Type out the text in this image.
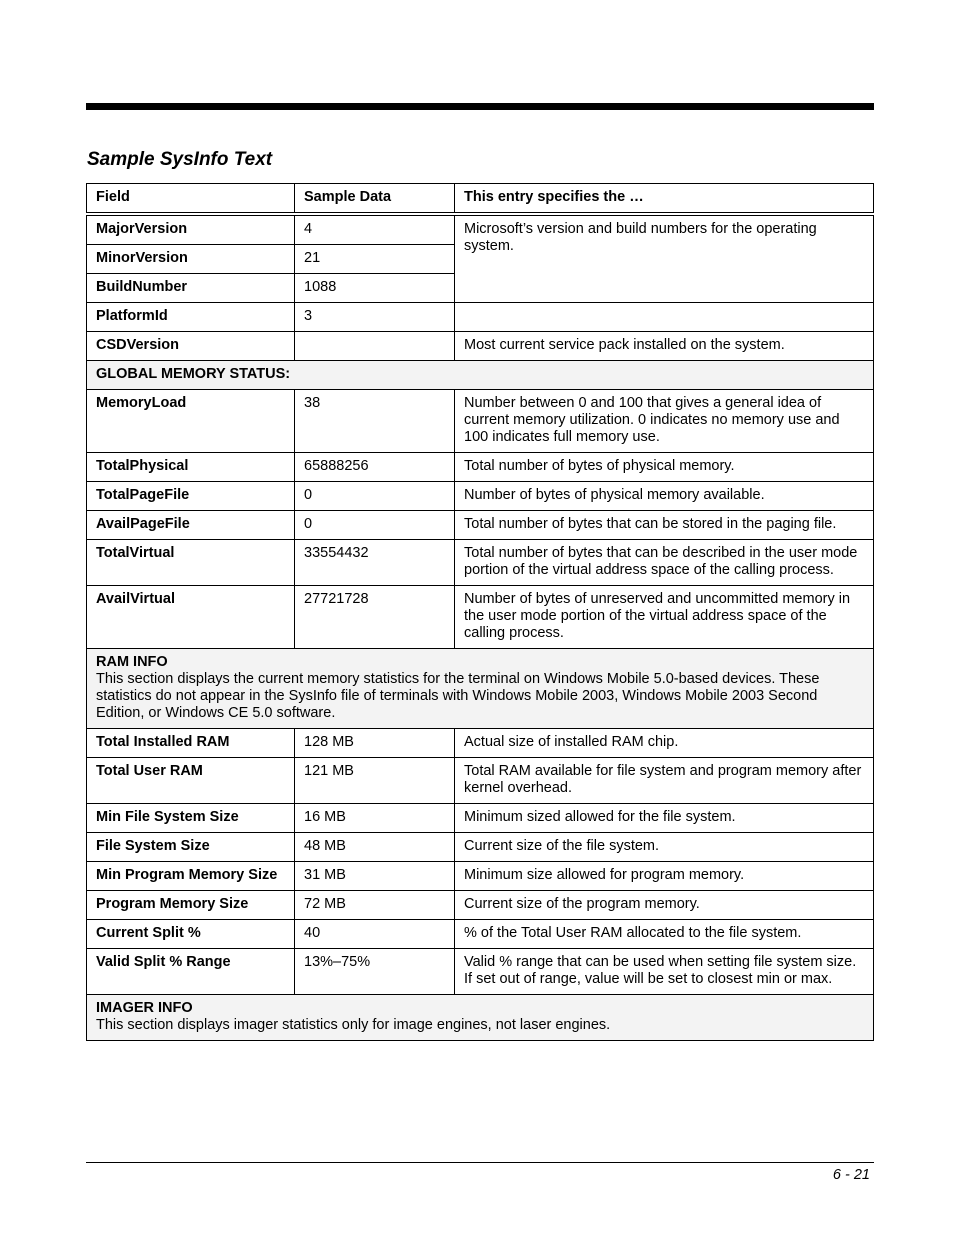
Sample SysInfo Text
Field	Sample Data	This entry specifies the …
MajorVersion	4	Microsoft’s version and build numbers for the operating system.
MinorVersion	21	
BuildNumber	1088	
PlatformId	3	
CSDVersion		Most current service pack installed on the system.

GLOBAL MEMORY STATUS:		

MemoryLoad	38	Number between 0 and 100 that gives a general idea of current memory utilization. 0 indicates no memory use and 100 indicates full memory use.
TotalPhysical	65888256	Total number of bytes of physical memory.
TotalPageFile	0	Number of bytes of physical memory available.
AvailPageFile	0	Total number of bytes that can be stored in the paging file.
TotalVirtual	33554432	Total number of bytes that can be described in the user mode portion of the virtual address space of the calling process.
AvailVirtual	27721728	Number of bytes of unreserved and uncommitted memory in the user mode portion of the virtual address space of the calling process.

RAM INFO
This section displays the current memory statistics for the terminal on Windows Mobile 5.0-based devices. These statistics do not appear in the SysInfo file of terminals with Windows Mobile 2003, Windows Mobile 2003 Second Edition, or Windows CE 5.0 software.		
Total Installed RAM	128 MB	Actual size of installed RAM chip.
Total User RAM	121 MB	Total RAM available for file system and program memory after kernel overhead.
Min File System Size	16 MB	Minimum sized allowed for the file system.
File System Size	48 MB	Current size of the file system.
Min Program Memory Size	31 MB	Minimum size allowed for program memory.
Program Memory Size	72 MB	Current size of the program memory.
Current Split %	40	% of the Total User RAM allocated to the file system.
Valid Split % Range	13%–75%	Valid % range that can be used when setting file system size. If set out of range, value will be set to closest min or max.

IMAGER INFO
This section displays imager statistics only for image engines, not laser engines.		
6 - 21
